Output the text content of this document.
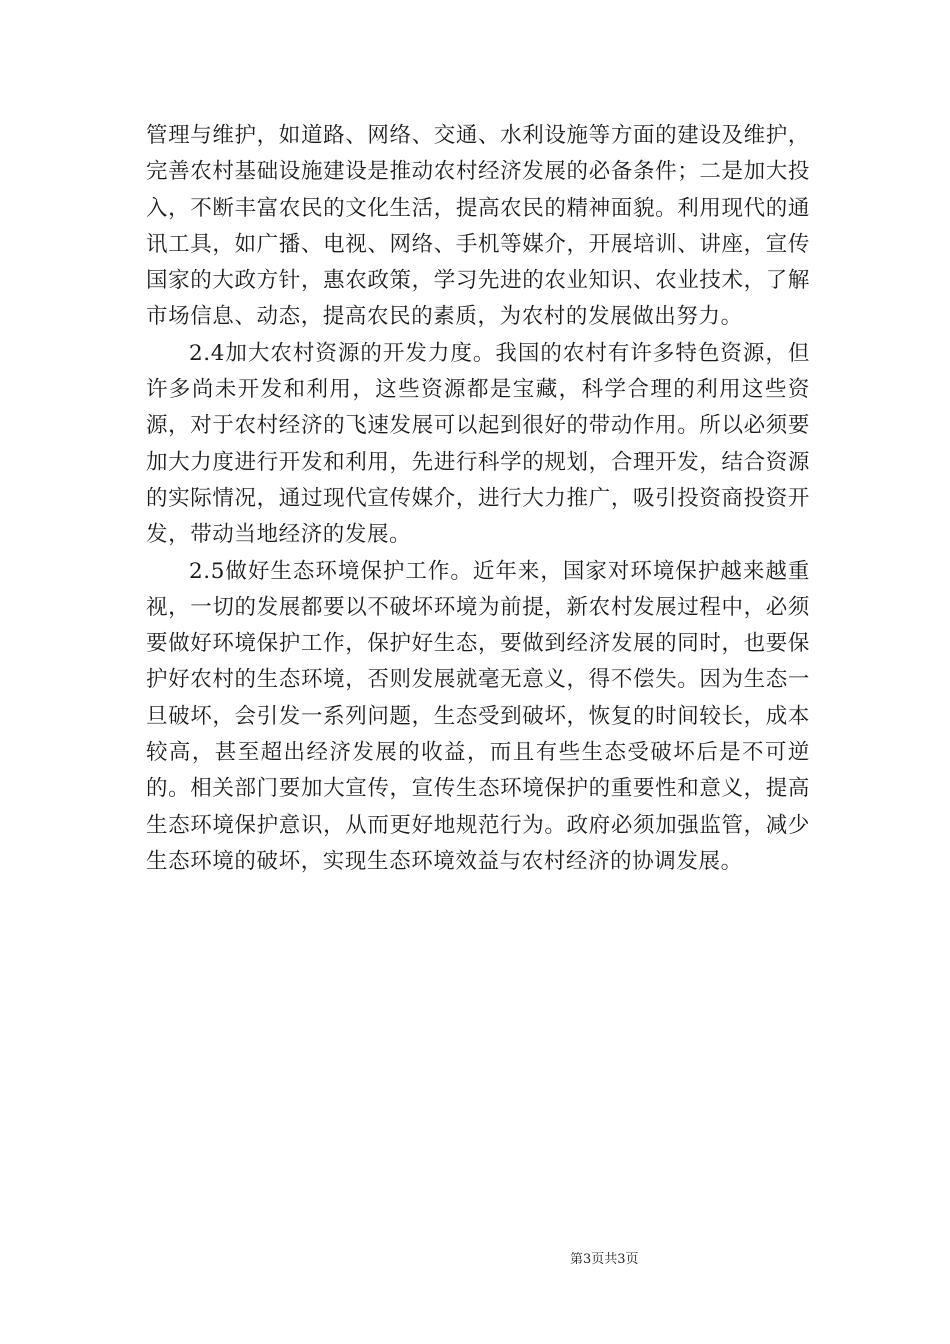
管理与维护，如道路、网络、交通、水利设施等方面的建设及维护，完善农村基础设施建设是推动农村经济发展的必备条件；二是加大投入，不断丰富农民的文化生活，提高农民的精神面貌。利用现代的通讯工具，如广播、电视、网络、手机等媒介，开展培训、讲座，宣传国家的大政方针，惠农政策，学习先进的农业知识、农业技术，了解市场信息、动态，提高农民的素质，为农村的发展做出努力。

2.4加大农村资源的开发力度。我国的农村有许多特色资源，但许多尚未开发和利用，这些资源都是宝藏，科学合理的利用这些资源，对于农村经济的飞速发展可以起到很好的带动作用。所以必须要加大力度进行开发和利用，先进行科学的规划，合理开发，结合资源的实际情况，通过现代宣传媒介，进行大力推广，吸引投资商投资开发，带动当地经济的发展。

2.5做好生态环境保护工作。近年来，国家对环境保护越来越重视，一切的发展都要以不破坏环境为前提，新农村发展过程中，必须要做好环境保护工作，保护好生态，要做到经济发展的同时，也要保护好农村的生态环境，否则发展就毫无意义，得不偿失。因为生态一旦破坏，会引发一系列问题，生态受到破坏，恢复的时间较长，成本较高，甚至超出经济发展的收益，而且有些生态受破坏后是不可逆的。相关部门要加大宣传，宣传生态环境保护的重要性和意义，提高生态环境保护意识，从而更好地规范行为。政府必须加强监管，减少生态环境的破坏，实现生态环境效益与农村经济的协调发展。

第3页共3页
